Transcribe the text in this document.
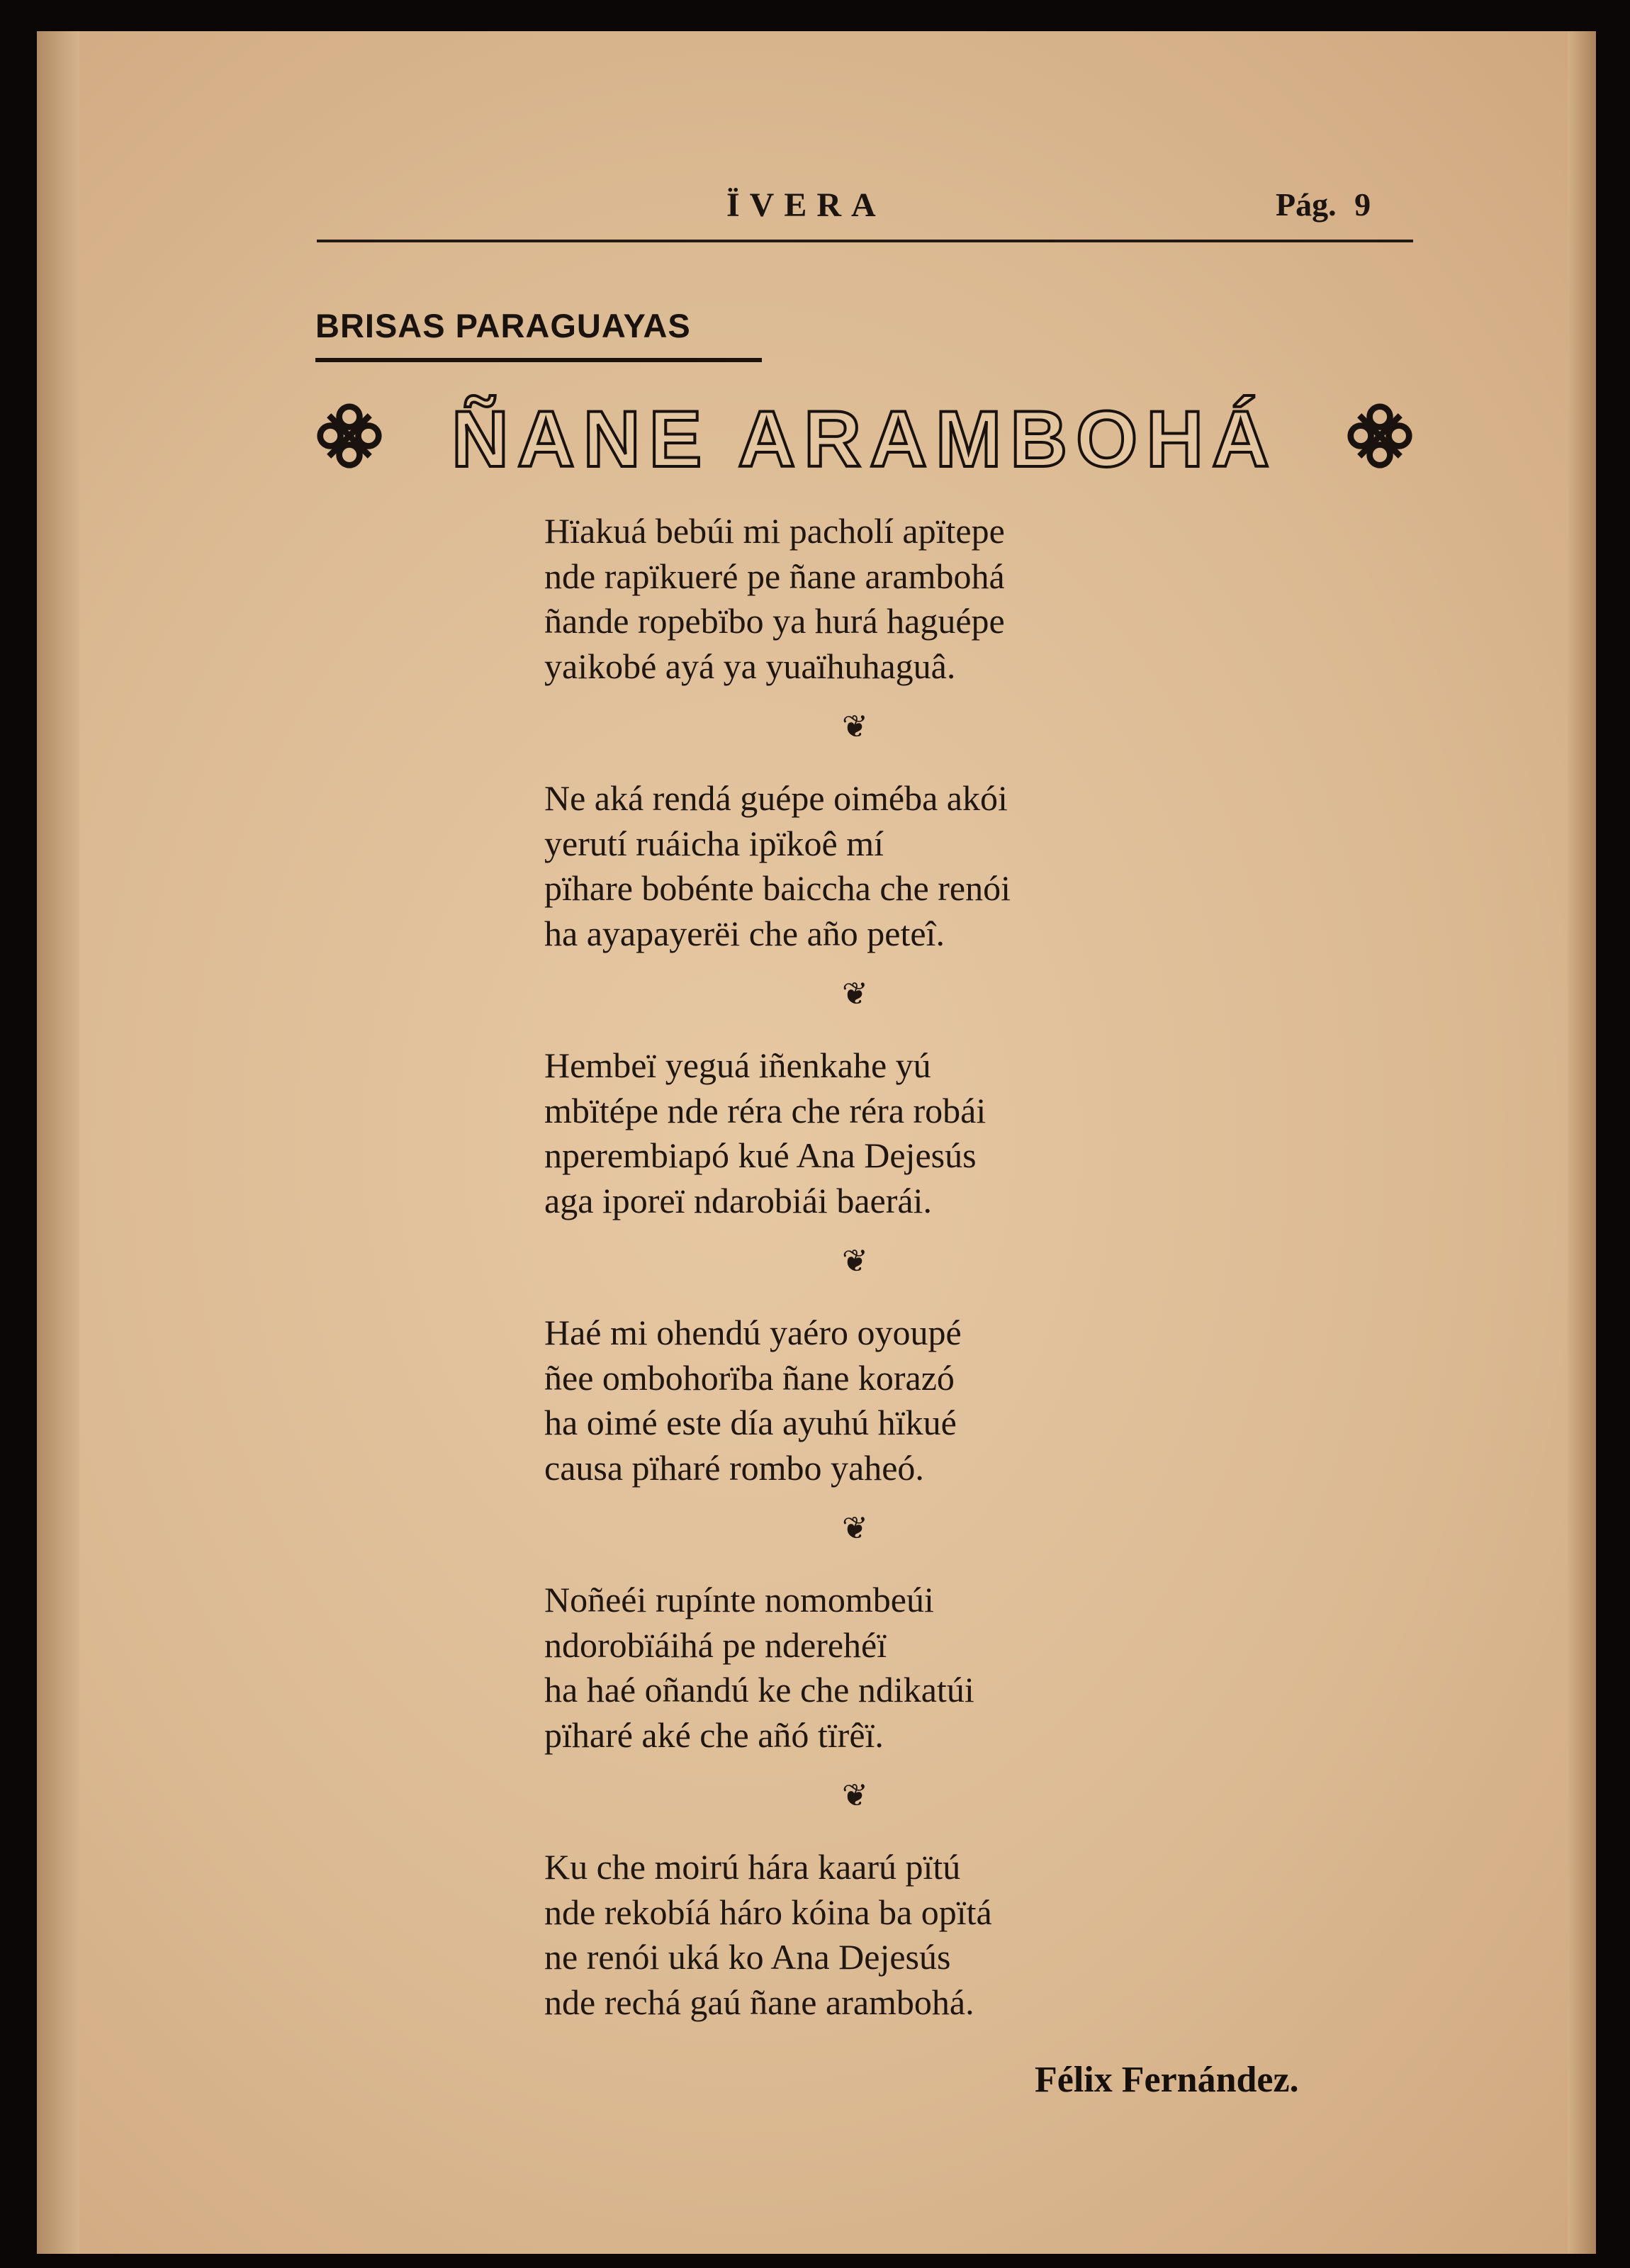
ÏVERA	Pág. 9
BRISAS PARAGUAYAS
ÑANE ARAMBOHÁ
Hïakuá bebúi mi pacholí apïtepe
nde rapïkueré pe ñane arambohá
ñande ropebïbo ya hurá haguépe
yaikobé ayá ya yuaïhuhaguâ.
❦
Ne aká rendá guépe oiméba akói
yerutí ruáicha ipïkoê mí
pïhare bobénte baiccha che renói
ha ayapayerëi che año peteî.
❦
Hembeï yeguá iñenkahe yú
mbïtépe nde réra che réra robái
nperembiapó kué Ana Dejesús
aga iporeï ndarobiái baerái.
❦
Haé mi ohendú yaéro oyoupé
ñee ombohorïba ñane korazó
ha oimé este día ayuhú hïkué
causa pïharé rombo yaheó.
❦
Noñeéi rupínte nomombeúi
ndorobïáihá pe nderehéï
ha haé oñandú ke che ndikatúi
pïharé aké che añó tïrêï.
❦
Ku che moirú hára kaarú pïtú
nde rekobíá háro kóina ba opïtá
ne renói uká ko Ana Dejesús
nde rechá gaú ñane arambohá.
Félix Fernández.
